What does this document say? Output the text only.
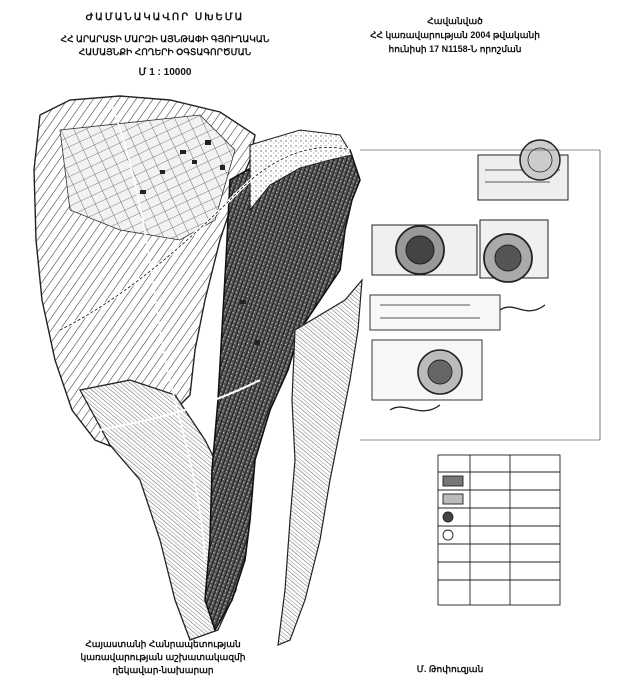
ԺԱՄԱՆԱԿԱՎՈՐ ՍԽԵՄԱ
ՀՀ ԱՐԱՐԱՏԻ ՄԱՐԶԻ ԱՅՆԹԱՓԻ ԳՅՈՒՂԱԿԱՆ
ՀԱՄԱՅՆՔԻ ՀՈՂԵՐԻ ՕԳՏԱԳՈՐԾՄԱՆ
Մ 1 : 10000
Հավանված
ՀՀ կառավարության 2004 թվականի
հունիսի 17 N1158-Ն որոշման
Հայաստանի Հանրապետության
կառավարության աշխատակազմի
ղեկավար-նախարար	Մ. Թոփուզյան
